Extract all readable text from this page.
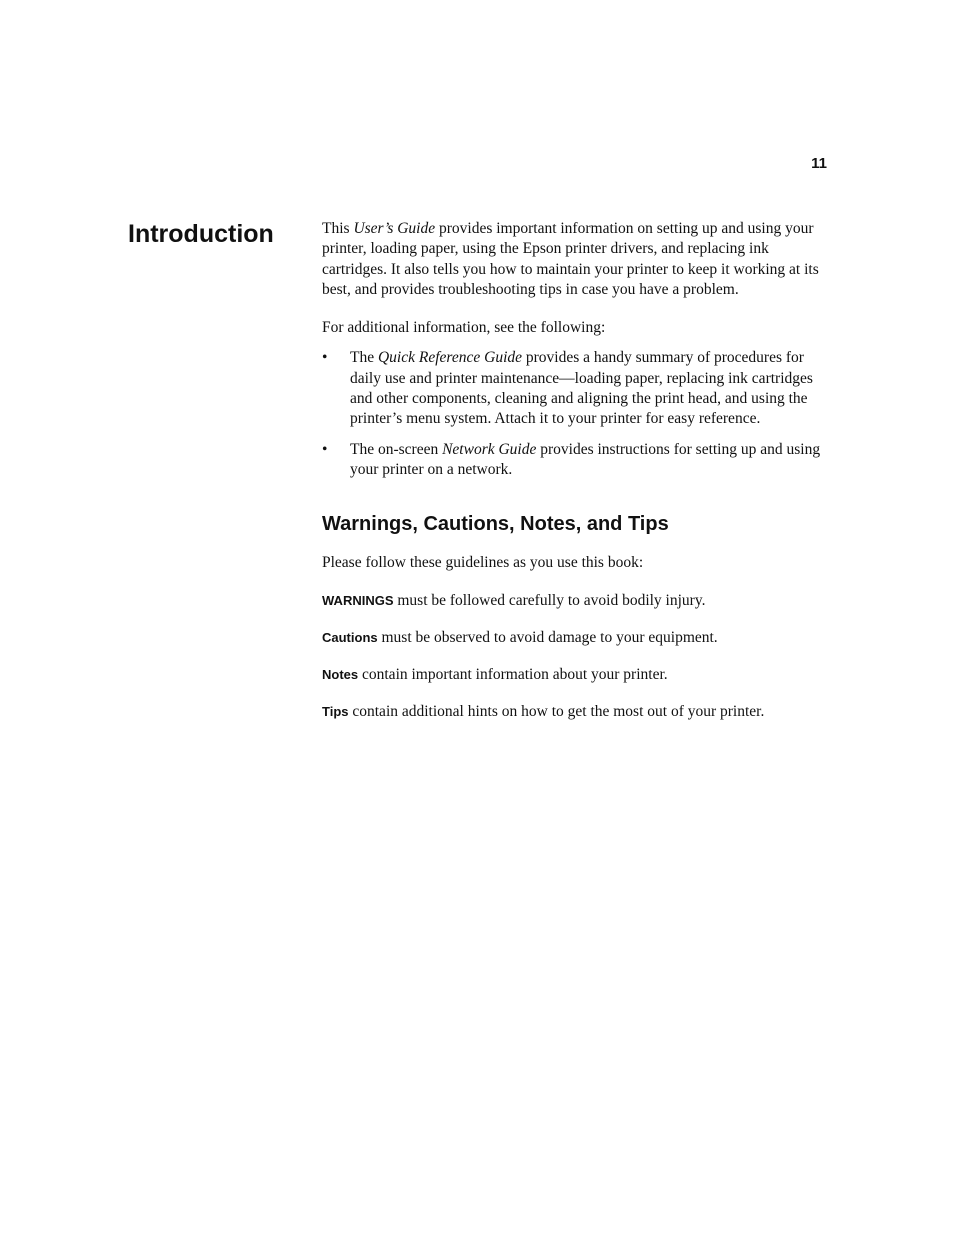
11
Introduction	This User’s Guide provides important information on setting up and using your printer, loading paper, using the Epson printer drivers, and replacing ink cartridges. It also tells you how to maintain your printer to keep it working at its best, and provides troubleshooting tips in case you have a problem.

For additional information, see the following:

• The Quick Reference Guide provides a handy summary of procedures for daily use and printer maintenance—loading paper, replacing ink cartridges and other components, cleaning and aligning the print head, and using the printer’s menu system. Attach it to your printer for easy reference.
• The on-screen Network Guide provides instructions for setting up and using your printer on a network.
Warnings, Cautions, Notes, and Tips

Please follow these guidelines as you use this book:

WARNINGS must be followed carefully to avoid bodily injury.

Cautions must be observed to avoid damage to your equipment.

Notes contain important information about your printer.

Tips contain additional hints on how to get the most out of your printer.
